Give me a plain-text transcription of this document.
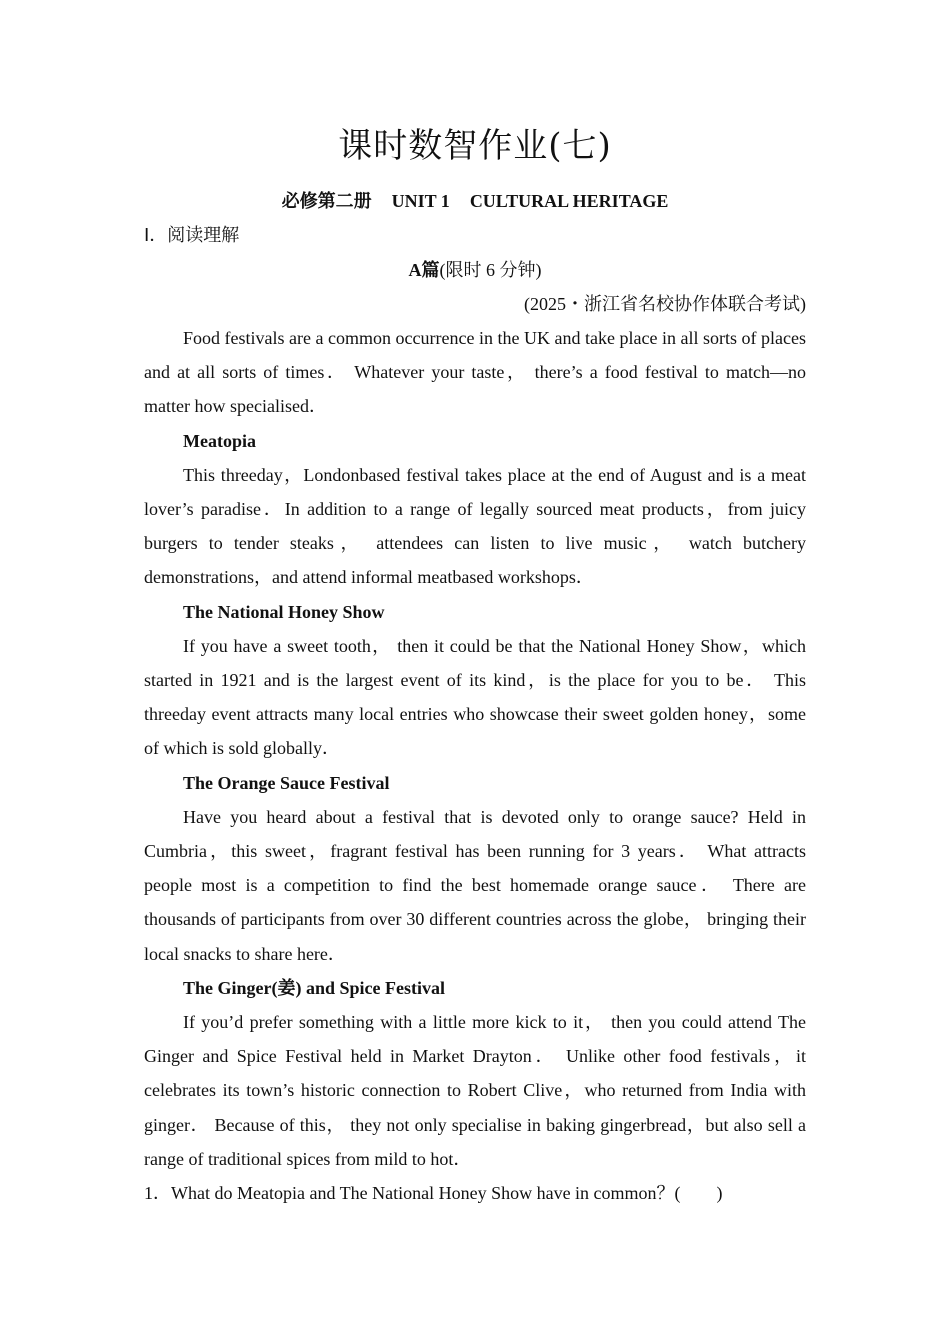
课时数智作业(七)
必修第二册 UNIT 1 CULTURAL HERITAGE
Ⅰ．阅读理解
A篇(限时 6 分钟)
(2025・浙江省名校协作体联合考试)

Food festivals are a common occurrence in the UK and take place in all sorts of places and at all sorts of times． Whatever your taste， there’s a food festival to match—no matter how specialised．

Meatopia

This threeday，Londonbased festival takes place at the end of August and is a meat lover’s paradise．In addition to a range of legally sourced meat products，from juicy burgers to tender steaks， attendees can listen to live music， watch butchery demonstrations，and attend informal meatbased workshops．

The National Honey Show

If you have a sweet tooth， then it could be that the National Honey Show，which started in 1921 and is the largest event of its kind，is the place for you to be． This threeday event attracts many local entries who showcase their sweet golden honey，some of which is sold globally．

The Orange Sauce Festival

Have you heard about a festival that is devoted only to orange sauce? Held in Cumbria，this sweet，fragrant festival has been running for 3 years． What attracts people most is a competition to find the best homemade orange sauce． There are thousands of participants from over 30 different countries across the globe， bringing their local snacks to share here．

The Ginger(姜) and Spice Festival

If you’d prefer something with a little more kick to it， then you could attend The Ginger and Spice Festival held in Market Drayton． Unlike other food festivals，it celebrates its town’s historic connection to Robert Clive，who returned from India with ginger． Because of this， they not only specialise in baking gingerbread，but also sell a range of traditional spices from mild to hot．

1．What do Meatopia and The National Honey Show have in common？(　　)
